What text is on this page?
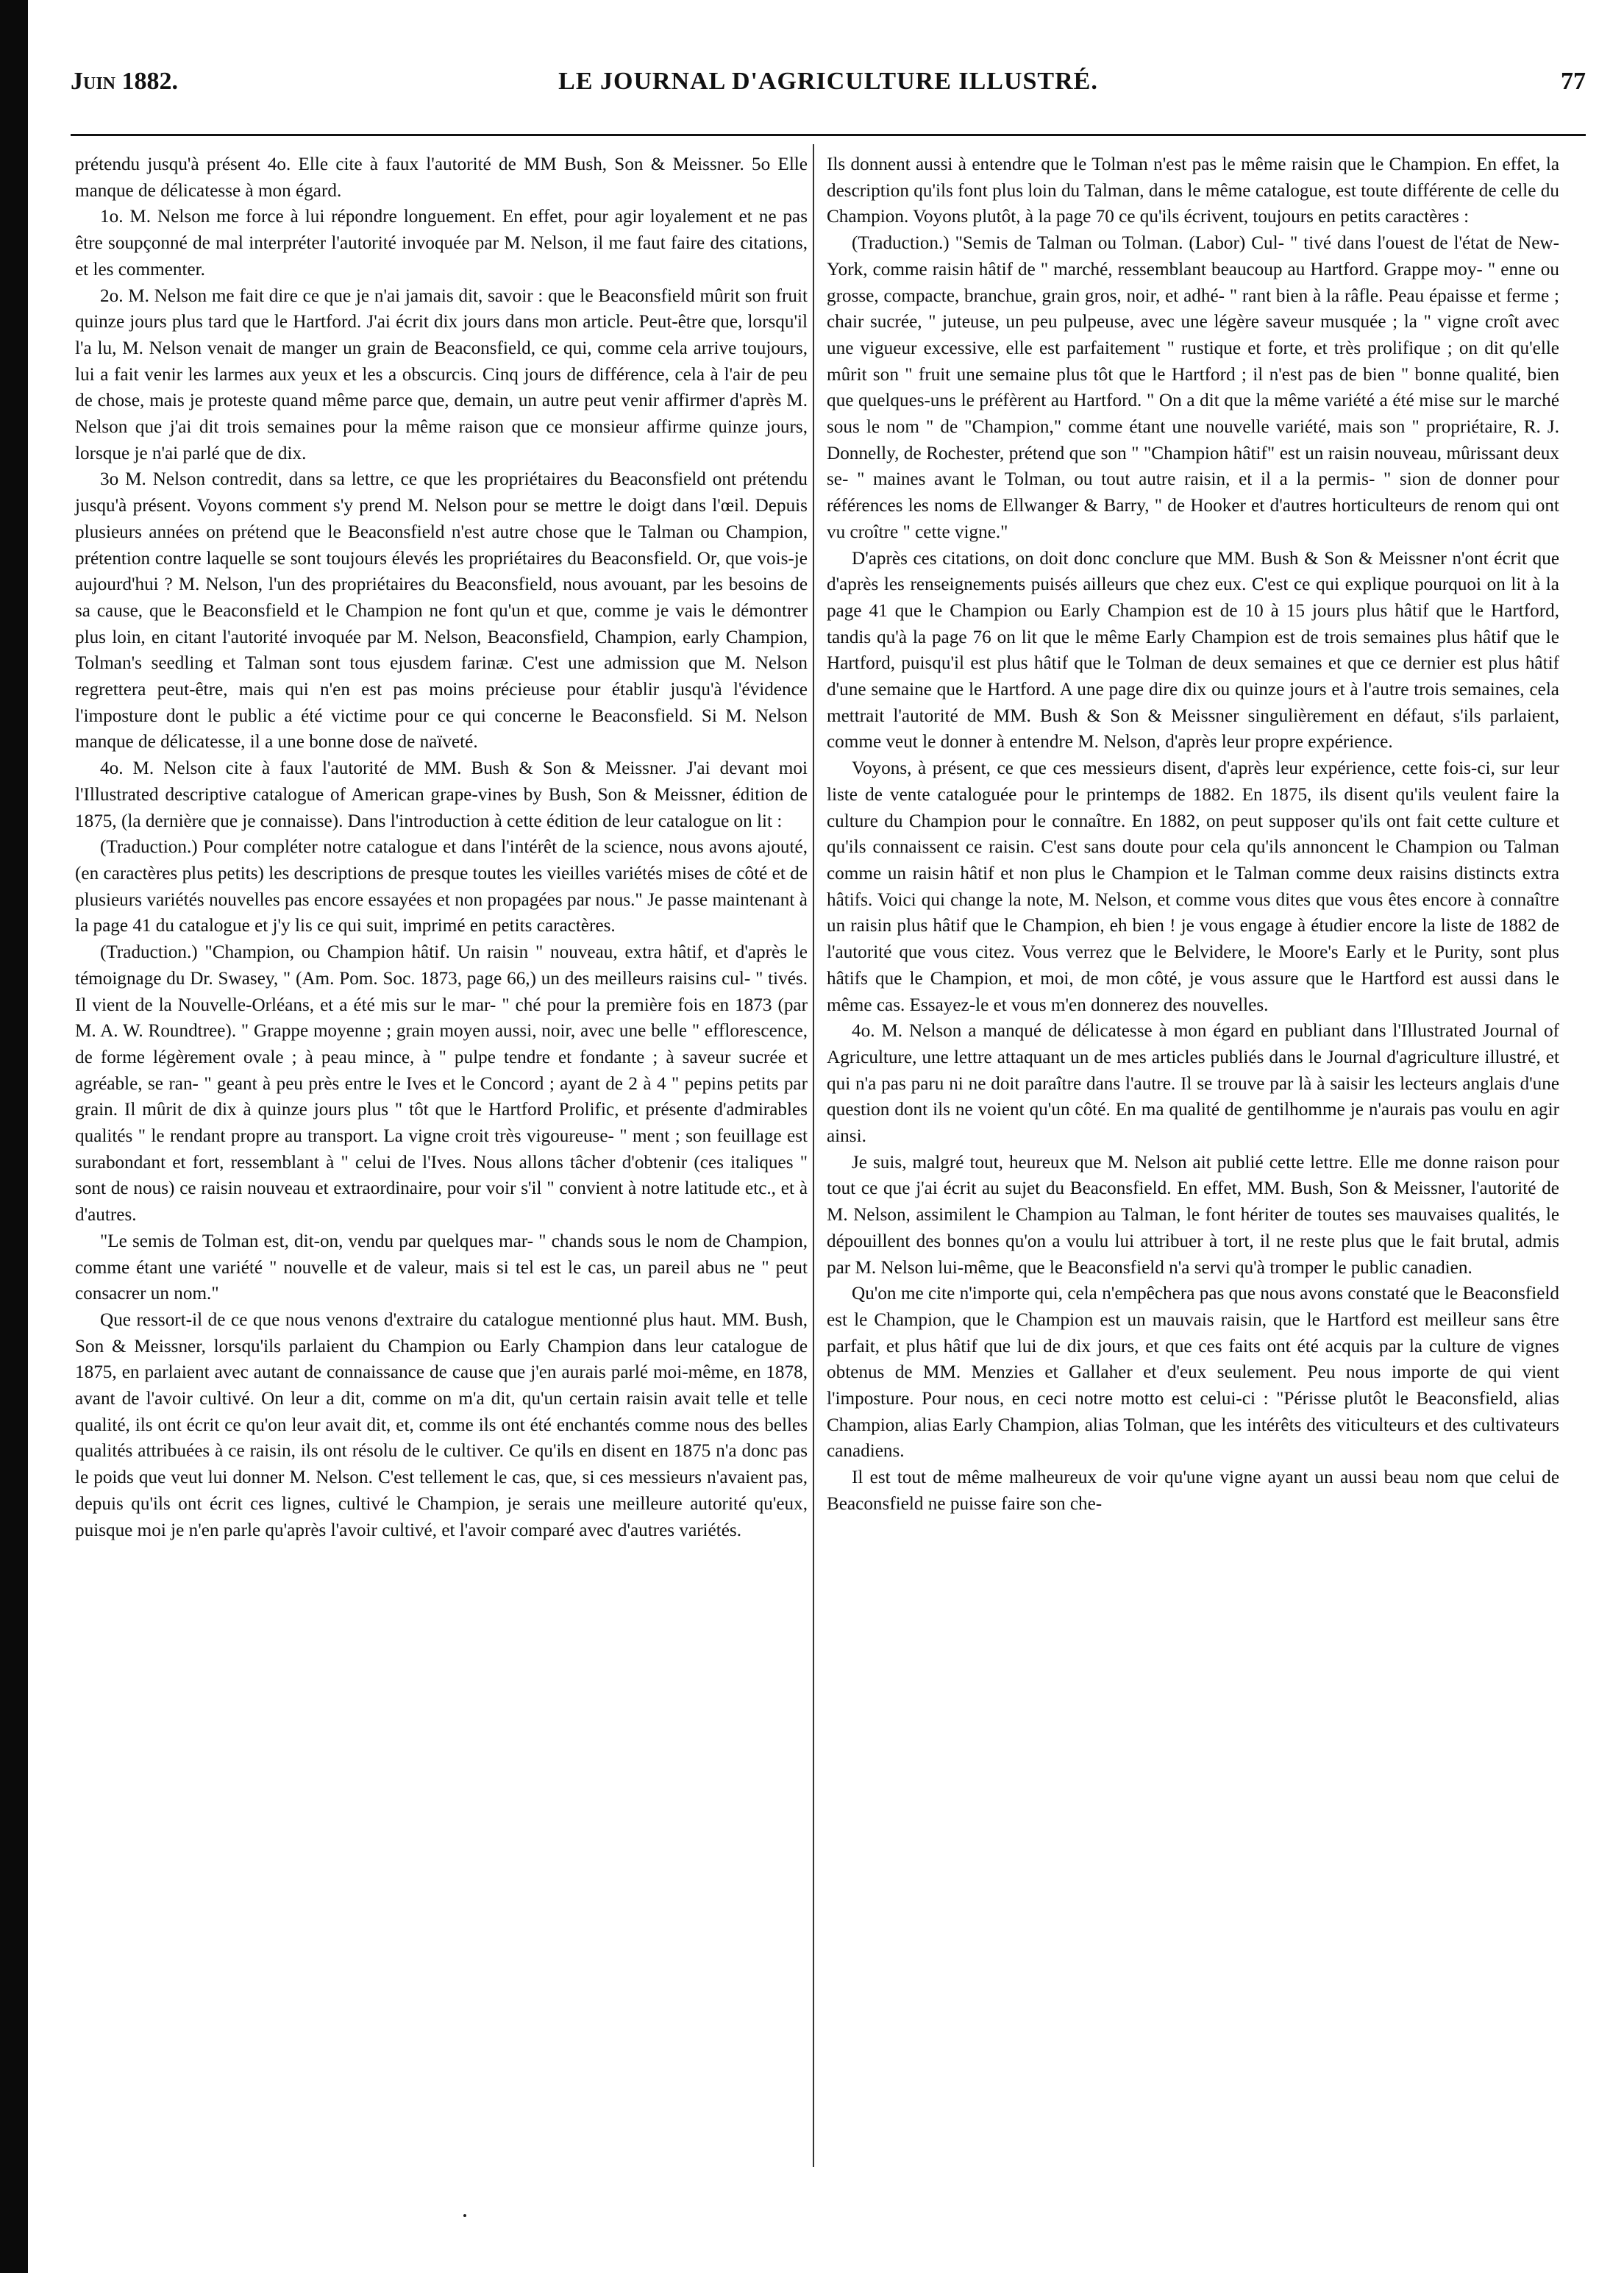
Juin 1882.	LE JOURNAL D'AGRICULTURE ILLUSTRÉ.	77

prétendu jusqu'à présent 4o. Elle cite à faux l'autorité de MM Bush, Son & Meissner. 5o Elle manque de délicatesse à mon égard.

1o. M. Nelson me force à lui répondre longuement. En effet, pour agir loyalement et ne pas être soupçonné de mal interpréter l'autorité invoquée par M. Nelson, il me faut faire des citations, et les commenter.

2o. M. Nelson me fait dire ce que je n'ai jamais dit, savoir : que le Beaconsfield mûrit son fruit quinze jours plus tard que le Hartford. J'ai écrit dix jours dans mon article. Peut-être que, lorsqu'il l'a lu, M. Nelson venait de manger un grain de Beaconsfield, ce qui, comme cela arrive toujours, lui a fait venir les larmes aux yeux et les a obscurcis. Cinq jours de différence, cela à l'air de peu de chose, mais je proteste quand même parce que, demain, un autre peut venir affirmer d'après M. Nelson que j'ai dit trois semaines pour la même raison que ce monsieur affirme quinze jours, lorsque je n'ai parlé que de dix.

3o M. Nelson contredit, dans sa lettre, ce que les propriétaires du Beaconsfield ont prétendu jusqu'à présent. Voyons comment s'y prend M. Nelson pour se mettre le doigt dans l'œil. Depuis plusieurs années on prétend que le Beaconsfield n'est autre chose que le Talman ou Champion, prétention contre laquelle se sont toujours élevés les propriétaires du Beaconsfield. Or, que vois-je aujourd'hui ? M. Nelson, l'un des propriétaires du Beaconsfield, nous avouant, par les besoins de sa cause, que le Beaconsfield et le Champion ne font qu'un et que, comme je vais le démontrer plus loin, en citant l'autorité invoquée par M. Nelson, Beaconsfield, Champion, early Champion, Tolman's seedling et Talman sont tous ejusdem farinæ. C'est une admission que M. Nelson regrettera peut-être, mais qui n'en est pas moins précieuse pour établir jusqu'à l'évidence l'imposture dont le public a été victime pour ce qui concerne le Beaconsfield. Si M. Nelson manque de délicatesse, il a une bonne dose de naïveté.

4o. M. Nelson cite à faux l'autorité de MM. Bush & Son & Meissner. J'ai devant moi l'Illustrated descriptive catalogue of American grape-vines by Bush, Son & Meissner, édition de 1875, (la dernière que je connaisse). Dans l'introduction à cette édition de leur catalogue on lit :

(Traduction.) Pour compléter notre catalogue et dans l'intérêt de la science, nous avons ajouté, (en caractères plus petits) les descriptions de presque toutes les vieilles variétés mises de côté et de plusieurs variétés nouvelles pas encore essayées et non propagées par nous." Je passe maintenant à la page 41 du catalogue et j'y lis ce qui suit, imprimé en petits caractères.

(Traduction.) "Champion, ou Champion hâtif. Un raisin " nouveau, extra hâtif, et d'après le témoignage du Dr. Swasey, " (Am. Pom. Soc. 1873, page 66,) un des meilleurs raisins cul- " tivés. Il vient de la Nouvelle-Orléans, et a été mis sur le mar- " ché pour la première fois en 1873 (par M. A. W. Roundtree). " Grappe moyenne ; grain moyen aussi, noir, avec une belle " efflorescence, de forme légèrement ovale ; à peau mince, à " pulpe tendre et fondante ; à saveur sucrée et agréable, se ran- " geant à peu près entre le Ives et le Concord ; ayant de 2 à 4 " pepins petits par grain. Il mûrit de dix à quinze jours plus " tôt que le Hartford Prolific, et présente d'admirables qualités " le rendant propre au transport. La vigne croit très vigoureuse- " ment ; son feuillage est surabondant et fort, ressemblant à " celui de l'Ives. Nous allons tâcher d'obtenir (ces italiques " sont de nous) ce raisin nouveau et extraordinaire, pour voir s'il " convient à notre latitude etc., et à d'autres.

"Le semis de Tolman est, dit-on, vendu par quelques mar- " chands sous le nom de Champion, comme étant une variété " nouvelle et de valeur, mais si tel est le cas, un pareil abus ne " peut consacrer un nom."

Que ressort-il de ce que nous venons d'extraire du catalogue mentionné plus haut. MM. Bush, Son & Meissner, lorsqu'ils parlaient du Champion ou Early Champion dans leur catalogue de 1875, en parlaient avec autant de connaissance de cause que j'en aurais parlé moi-même, en 1878, avant de l'avoir cultivé. On leur a dit, comme on m'a dit, qu'un certain raisin avait telle et telle qualité, ils ont écrit ce qu'on leur avait dit, et, comme ils ont été enchantés comme nous des belles qualités attribuées à ce raisin, ils ont résolu de le cultiver. Ce qu'ils en disent en 1875 n'a donc pas le poids que veut lui donner M. Nelson. C'est tellement le cas, que, si ces messieurs n'avaient pas, depuis qu'ils ont écrit ces lignes, cultivé le Champion, je serais une meilleure autorité qu'eux, puisque moi je n'en parle qu'après l'avoir cultivé, et l'avoir comparé avec d'autres variétés.

Ils donnent aussi à entendre que le Tolman n'est pas le même raisin que le Champion. En effet, la description qu'ils font plus loin du Talman, dans le même catalogue, est toute différente de celle du Champion. Voyons plutôt, à la page 70 ce qu'ils écrivent, toujours en petits caractères :

(Traduction.) "Semis de Talman ou Tolman. (Labor) Cul- " tivé dans l'ouest de l'état de New-York, comme raisin hâtif de " marché, ressemblant beaucoup au Hartford. Grappe moy- " enne ou grosse, compacte, branchue, grain gros, noir, et adhé- " rant bien à la râfle. Peau épaisse et ferme ; chair sucrée, " juteuse, un peu pulpeuse, avec une légère saveur musquée ; la " vigne croît avec une vigueur excessive, elle est parfaitement " rustique et forte, et très prolifique ; on dit qu'elle mûrit son " fruit une semaine plus tôt que le Hartford ; il n'est pas de bien " bonne qualité, bien que quelques-uns le préfèrent au Hartford. " On a dit que la même variété a été mise sur le marché sous le nom " de "Champion," comme étant une nouvelle variété, mais son " propriétaire, R. J. Donnelly, de Rochester, prétend que son " "Champion hâtif" est un raisin nouveau, mûrissant deux se- " maines avant le Tolman, ou tout autre raisin, et il a la permis- " sion de donner pour références les noms de Ellwanger & Barry, " de Hooker et d'autres horticulteurs de renom qui ont vu croître " cette vigne."

D'après ces citations, on doit donc conclure que MM. Bush & Son & Meissner n'ont écrit que d'après les renseignements puisés ailleurs que chez eux. C'est ce qui explique pourquoi on lit à la page 41 que le Champion ou Early Champion est de 10 à 15 jours plus hâtif que le Hartford, tandis qu'à la page 76 on lit que le même Early Champion est de trois semaines plus hâtif que le Hartford, puisqu'il est plus hâtif que le Tolman de deux semaines et que ce dernier est plus hâtif d'une semaine que le Hartford. A une page dire dix ou quinze jours et à l'autre trois semaines, cela mettrait l'autorité de MM. Bush & Son & Meissner singulièrement en défaut, s'ils parlaient, comme veut le donner à entendre M. Nelson, d'après leur propre expérience.

Voyons, à présent, ce que ces messieurs disent, d'après leur expérience, cette fois-ci, sur leur liste de vente cataloguée pour le printemps de 1882. En 1875, ils disent qu'ils veulent faire la culture du Champion pour le connaître. En 1882, on peut supposer qu'ils ont fait cette culture et qu'ils connaissent ce raisin. C'est sans doute pour cela qu'ils annoncent le Champion ou Talman comme un raisin hâtif et non plus le Champion et le Talman comme deux raisins distincts extra hâtifs. Voici qui change la note, M. Nelson, et comme vous dites que vous êtes encore à connaître un raisin plus hâtif que le Champion, eh bien ! je vous engage à étudier encore la liste de 1882 de l'autorité que vous citez. Vous verrez que le Belvidere, le Moore's Early et le Purity, sont plus hâtifs que le Champion, et moi, de mon côté, je vous assure que le Hartford est aussi dans le même cas. Essayez-le et vous m'en donnerez des nouvelles.

4o. M. Nelson a manqué de délicatesse à mon égard en publiant dans l'Illustrated Journal of Agriculture, une lettre attaquant un de mes articles publiés dans le Journal d'agriculture illustré, et qui n'a pas paru ni ne doit paraître dans l'autre. Il se trouve par là à saisir les lecteurs anglais d'une question dont ils ne voient qu'un côté. En ma qualité de gentilhomme je n'aurais pas voulu en agir ainsi.

Je suis, malgré tout, heureux que M. Nelson ait publié cette lettre. Elle me donne raison pour tout ce que j'ai écrit au sujet du Beaconsfield. En effet, MM. Bush, Son & Meissner, l'autorité de M. Nelson, assimilent le Champion au Talman, le font hériter de toutes ses mauvaises qualités, le dépouillent des bonnes qu'on a voulu lui attribuer à tort, il ne reste plus que le fait brutal, admis par M. Nelson lui-même, que le Beaconsfield n'a servi qu'à tromper le public canadien.

Qu'on me cite n'importe qui, cela n'empêchera pas que nous avons constaté que le Beaconsfield est le Champion, que le Champion est un mauvais raisin, que le Hartford est meilleur sans être parfait, et plus hâtif que lui de dix jours, et que ces faits ont été acquis par la culture de vignes obtenus de MM. Menzies et Gallaher et d'eux seulement. Peu nous importe de qui vient l'imposture. Pour nous, en ceci notre motto est celui-ci : "Périsse plutôt le Beaconsfield, alias Champion, alias Early Champion, alias Tolman, que les intérêts des viticulteurs et des cultivateurs canadiens.

Il est tout de même malheureux de voir qu'une vigne ayant un aussi beau nom que celui de Beaconsfield ne puisse faire son che-
